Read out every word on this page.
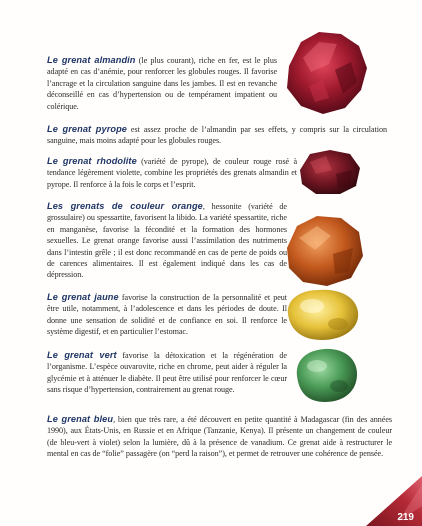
Le grenat almandin (le plus courant), riche en fer, est le plus adapté en cas d’anémie, pour renforcer les globules rouges. Il favorise l’ancrage et la circulation sanguine dans les jambes. Il est en revanche déconseillé en cas d’hypertension ou de tempérament impatient ou colérique.

Le grenat pyrope est assez proche de l’almandin par ses effets, y compris sur la circulation sanguine, mais moins adapté pour les globules rouges.

Le grenat rhodolite (variété de pyrope), de couleur rouge rosé à tendance légèrement violette, combine les propriétés des grenats almandin et pyrope. Il renforce à la fois le corps et l’esprit.

Les grenats de couleur orange, hessonite (variété de grossulaire) ou spessartite, favorisent la libido. La variété spessartite, riche en manganèse, favorise la fécondité et la formation des hormones sexuelles. Le grenat orange favorise aussi l’assimilation des nutriments dans l’intestin grêle ; il est donc recommandé en cas de perte de poids ou de carences alimentaires. Il est également indiqué dans les cas de dépression.

Le grenat jaune favorise la construction de la personnalité et peut être utile, notamment, à l’adolescence et dans les périodes de doute. Il donne une sensation de solidité et de confiance en soi. Il renforce le système digestif, et en particulier l’estomac.

Le grenat vert favorise la détoxication et la régénération de l’organisme. L’espèce ouvarovite, riche en chrome, peut aider à réguler la glycémie et à atténuer le diabète. Il peut être utilisé pour renforcer le cœur sans risque d’hypertension, contrairement au grenat rouge.

Le grenat bleu, bien que très rare, a été découvert en petite quantité à Madagascar (fin des années 1990), aux États-Unis, en Russie et en Afrique (Tanzanie, Kenya). Il présente un changement de couleur (de bleu-vert à violet) selon la lumière, dû à la présence de vanadium. Ce grenat aide à restructurer le mental en cas de “folie” passagère (on “perd la raison”), et permet de retrouver une cohérence de pensée.

219
